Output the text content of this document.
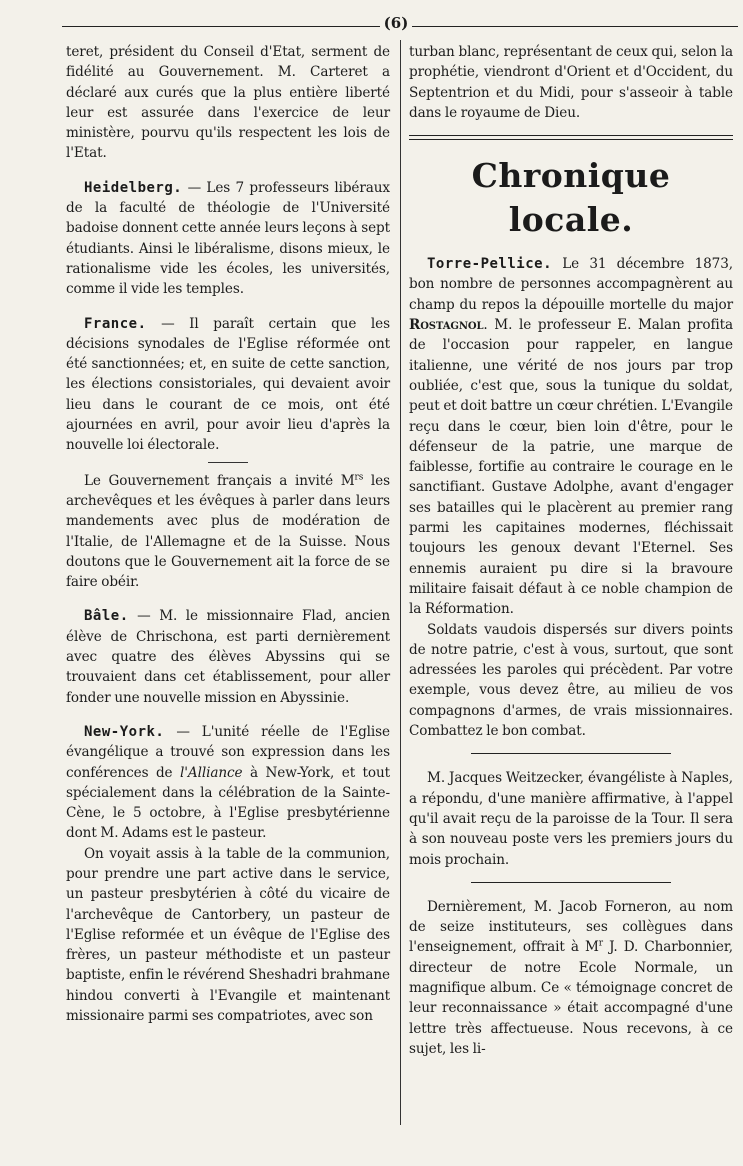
(6)

teret, président du Conseil d'Etat, serment de fidélité au Gouvernement. M. Carteret a déclaré aux curés que la plus entière liberté leur est assurée dans l'exercice de leur ministère, pourvu qu'ils respectent les lois de l'Etat.

Heidelberg. — Les 7 professeurs libéraux de la faculté de théologie de l'Université badoise donnent cette année leurs leçons à sept étudiants. Ainsi le libéralisme, disons mieux, le rationalisme vide les écoles, les universités, comme il vide les temples.

France. — Il paraît certain que les décisions synodales de l'Eglise réformée ont été sanctionnées; et, en suite de cette sanction, les élections consistoriales, qui devaient avoir lieu dans le courant de ce mois, ont été ajournées en avril, pour avoir lieu d'après la nouvelle loi électorale.

Le Gouvernement français a invité $M^{rs}$ les archevêques et les évêques à parler dans leurs mandements avec plus de modération de l'Italie, de l'Allemagne et de la Suisse. Nous doutons que le Gouvernement ait la force de se faire obéir.

Bâle. — M. le missionnaire Flad, ancien élève de Chrischona, est parti dernièrement avec quatre des élèves Abyssins qui se trouvaient dans cet établissement, pour aller fonder une nouvelle mission en Abyssinie.

New-York. — L'unité réelle de l'Eglise évangélique a trouvé son expression dans les conférences de l'Alliance à New-York, et tout spécialement dans la célébration de la Sainte-Cène, le 5 octobre, à l'Eglise presbytérienne dont M. Adams est le pasteur.

On voyait assis à la table de la communion, pour prendre une part active dans le service, un pasteur presbytérien à côté du vicaire de l'archevêque de Cantorbery, un pasteur de l'Eglise reformée et un évêque de l'Eglise des frères, un pasteur méthodiste et un pasteur baptiste, enfin le révérend Sheshadri brahmane hindou converti à l'Evangile et maintenant missionaire parmi ses compatriotes, avec son

turban blanc, représentant de ceux qui, selon la prophétie, viendront d'Orient et d'Occident, du Septentrion et du Midi, pour s'asseoir à table dans le royaume de Dieu.

Chronique locale.

Torre-Pellice. Le 31 décembre 1873, bon nombre de personnes accompagnèrent au champ du repos la dépouille mortelle du major Rostagnol. M. le professeur E. Malan profita de l'occasion pour rappeler, en langue italienne, une vérité de nos jours par trop oubliée, c'est que, sous la tunique du soldat, peut et doit battre un cœur chrétien. L'Evangile reçu dans le cœur, bien loin d'être, pour le défenseur de la patrie, une marque de faiblesse, fortifie au contraire le courage en le sanctifiant. Gustave Adolphe, avant d'engager ses batailles qui le placèrent au premier rang parmi les capitaines modernes, fléchissait toujours les genoux devant l'Eternel. Ses ennemis auraient pu dire si la bravoure militaire faisait défaut à ce noble champion de la Réformation.

Soldats vaudois dispersés sur divers points de notre patrie, c'est à vous, surtout, que sont adressées les paroles qui précèdent. Par votre exemple, vous devez être, au milieu de vos compagnons d'armes, de vrais missionnaires. Combattez le bon combat.

M. Jacques Weitzecker, évangéliste à Naples, a répondu, d'une manière affirmative, à l'appel qu'il avait reçu de la paroisse de la Tour. Il sera à son nouveau poste vers les premiers jours du mois prochain.

Dernièrement, M. Jacob Forneron, au nom de seize instituteurs, ses collègues dans l'enseignement, offrait à $M^r$ J. D. Charbonnier, directeur de notre Ecole Normale, un magnifique album. Ce « témoignage concret de leur reconnaissance » était accompagné d'une lettre très affectueuse. Nous recevons, à ce sujet, les li-
